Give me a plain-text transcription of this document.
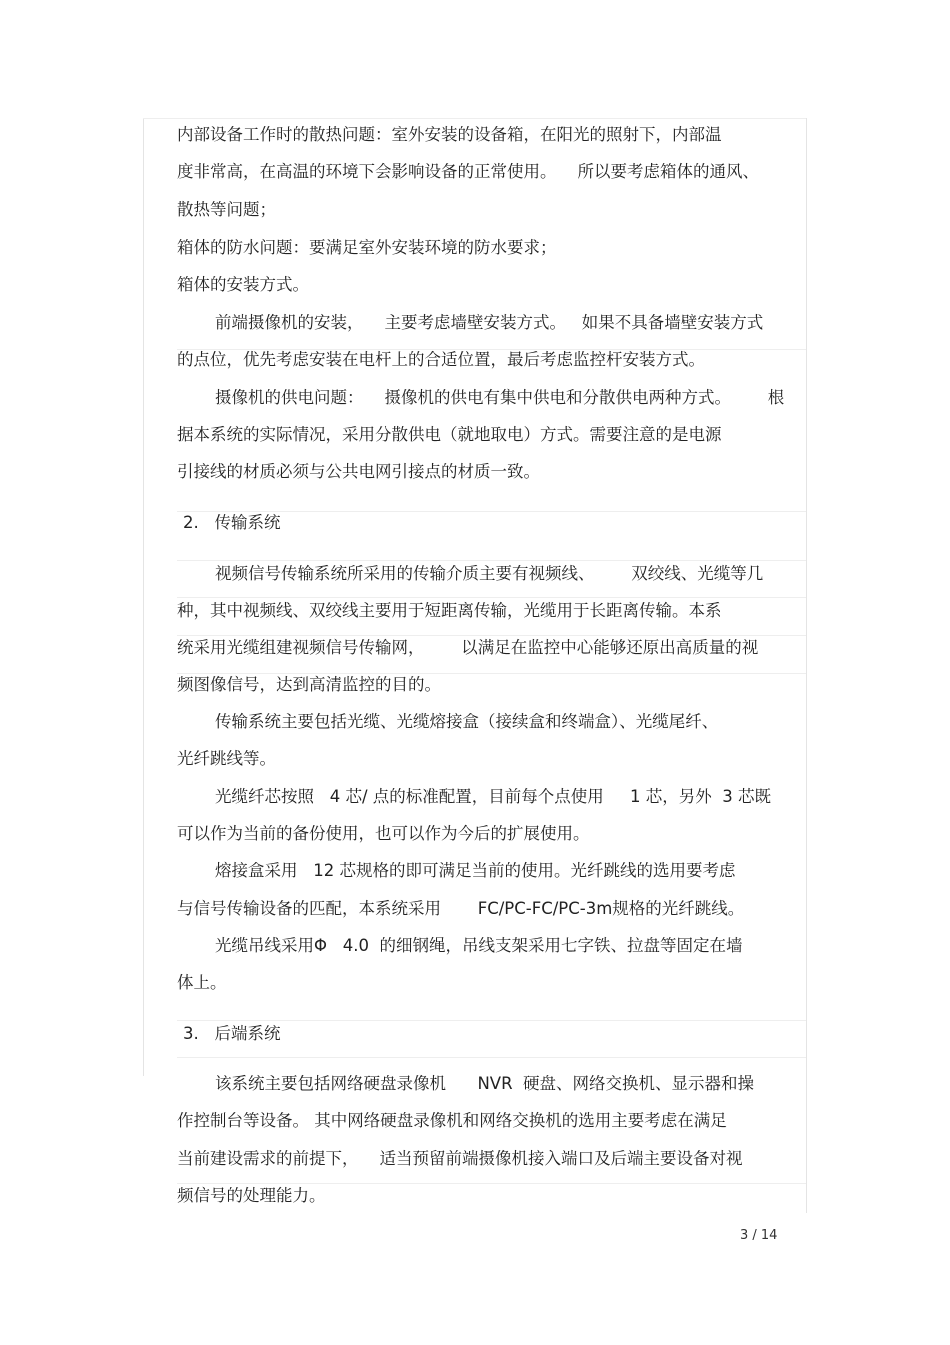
内部设备工作时的散热问题：室外安装的设备箱，在阳光的照射下，内部温
度非常高，在高温的环境下会影响设备的正常使用。    所以要考虑箱体的通风、
散热等问题；
箱体的防水问题：要满足室外安装环境的防水要求；
箱体的安装方式。
前端摄像机的安装，    主要考虑墙壁安装方式。   如果不具备墙壁安装方式
的点位，优先考虑安装在电杆上的合适位置，最后考虑监控杆安装方式。
摄像机的供电问题：    摄像机的供电有集中供电和分散供电两种方式。       根
据本系统的实际情况，采用分散供电（就地取电）方式。需要注意的是电源
引接线的材质必须与公共电网引接点的材质一致。
2.   传输系统
视频信号传输系统所采用的传输介质主要有视频线、       双绞线、光缆等几
种，其中视频线、双绞线主要用于短距离传输，光缆用于长距离传输。本系
统采用光缆组建视频信号传输网，       以满足在监控中心能够还原出高质量的视
频图像信号，达到高清监控的目的。
传输系统主要包括光缆、光缆熔接盒（接续盒和终端盒）、光缆尾纤、
光纤跳线等。
光缆纤芯按照   4 芯/ 点的标准配置，目前每个点使用     1 芯，另外  3 芯既
可以作为当前的备份使用，也可以作为今后的扩展使用。
熔接盒采用   12 芯规格的即可满足当前的使用。光纤跳线的选用要考虑
与信号传输设备的匹配，本系统采用       FC/PC-FC/PC-3m规格的光纤跳线。
光缆吊线采用Φ   4.0  的细钢绳，吊线支架采用七字铁、拉盘等固定在墙
体上。
3.   后端系统
该系统主要包括网络硬盘录像机      NVR  硬盘、网络交换机、显示器和操
作控制台等设备。 其中网络硬盘录像机和网络交换机的选用主要考虑在满足
当前建设需求的前提下，    适当预留前端摄像机接入端口及后端主要设备对视
频信号的处理能力。
3 / 14
